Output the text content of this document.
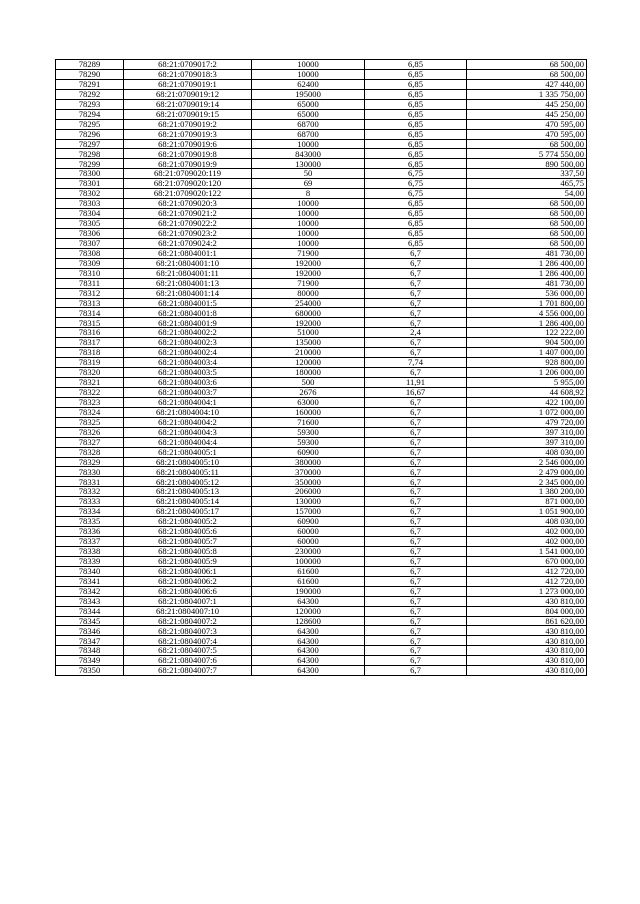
78289	68:21:0709017:2	10000	6,85	68 500,00
78290	68:21:0709018:3	10000	6,85	68 500,00
78291	68:21:0709019:1	62400	6,85	427 440,00
78292	68:21:0709019:12	195000	6,85	1 335 750,00
78293	68:21:0709019:14	65000	6,85	445 250,00
78294	68:21:0709019:15	65000	6,85	445 250,00
78295	68:21:0709019:2	68700	6,85	470 595,00
78296	68:21:0709019:3	68700	6,85	470 595,00
78297	68:21:0709019:6	10000	6,85	68 500,00
78298	68:21:0709019:8	843000	6,85	5 774 550,00
78299	68:21:0709019:9	130000	6,85	890 500,00
78300	68:21:0709020:119	50	6,75	337,50
78301	68:21:0709020:120	69	6,75	465,75
78302	68:21:0709020:122	8	6,75	54,00
78303	68:21:0709020:3	10000	6,85	68 500,00
78304	68:21:0709021:2	10000	6,85	68 500,00
78305	68:21:0709022:2	10000	6,85	68 500,00
78306	68:21:0709023:2	10000	6,85	68 500,00
78307	68:21:0709024:2	10000	6,85	68 500,00
78308	68:21:0804001:1	71900	6,7	481 730,00
78309	68:21:0804001:10	192000	6,7	1 286 400,00
78310	68:21:0804001:11	192000	6,7	1 286 400,00
78311	68:21:0804001:13	71900	6,7	481 730,00
78312	68:21:0804001:14	80000	6,7	536 000,00
78313	68:21:0804001:5	254000	6,7	1 701 800,00
78314	68:21:0804001:8	680000	6,7	4 556 000,00
78315	68:21:0804001:9	192000	6,7	1 286 400,00
78316	68:21:0804002:2	51000	2,4	122 222,00
78317	68:21:0804002:3	135000	6,7	904 500,00
78318	68:21:0804002:4	210000	6,7	1 407 000,00
78319	68:21:0804003:4	120000	7,74	928 800,00
78320	68:21:0804003:5	180000	6,7	1 206 000,00
78321	68:21:0804003:6	500	11,91	5 955,00
78322	68:21:0804003:7	2676	16,67	44 608,92
78323	68:21:0804004:1	63000	6,7	422 100,00
78324	68:21:0804004:10	160000	6,7	1 072 000,00
78325	68:21:0804004:2	71600	6,7	479 720,00
78326	68:21:0804004:3	59300	6,7	397 310,00
78327	68:21:0804004:4	59300	6,7	397 310,00
78328	68:21:0804005:1	60900	6,7	408 030,00
78329	68:21:0804005:10	380000	6,7	2 546 000,00
78330	68:21:0804005:11	370000	6,7	2 479 000,00
78331	68:21:0804005:12	350000	6,7	2 345 000,00
78332	68:21:0804005:13	206000	6,7	1 380 200,00
78333	68:21:0804005:14	130000	6,7	871 000,00
78334	68:21:0804005:17	157000	6,7	1 051 900,00
78335	68:21:0804005:2	60900	6,7	408 030,00
78336	68:21:0804005:6	60000	6,7	402 000,00
78337	68:21:0804005:7	60000	6,7	402 000,00
78338	68:21:0804005:8	230000	6,7	1 541 000,00
78339	68:21:0804005:9	100000	6,7	670 000,00
78340	68:21:0804006:1	61600	6,7	412 720,00
78341	68:21:0804006:2	61600	6,7	412 720,00
78342	68:21:0804006:6	190000	6,7	1 273 000,00
78343	68:21:0804007:1	64300	6,7	430 810,00
78344	68:21:0804007:10	120000	6,7	804 000,00
78345	68:21:0804007:2	128600	6,7	861 620,00
78346	68:21:0804007:3	64300	6,7	430 810,00
78347	68:21:0804007:4	64300	6,7	430 810,00
78348	68:21:0804007:5	64300	6,7	430 810,00
78349	68:21:0804007:6	64300	6,7	430 810,00
78350	68:21:0804007:7	64300	6,7	430 810,00
